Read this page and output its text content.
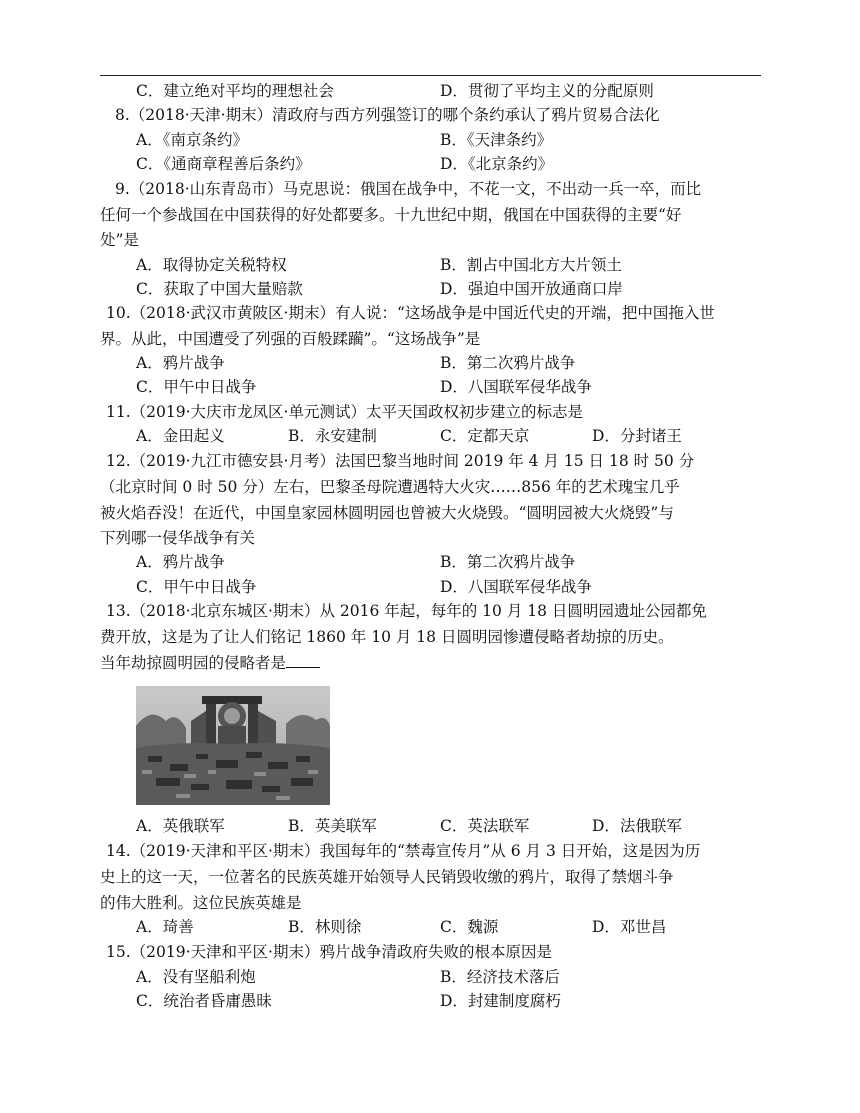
C．建立绝对平均的理想社会	D．贯彻了平均主义的分配原则
8.（2018·天津·期末）清政府与西方列强签订的哪个条约承认了鸦片贸易合法化
A．《南京条约》	B．《天津条约》
C．《通商章程善后条约》	D．《北京条约》
9.（2018·山东青岛市）马克思说：俄国在战争中，不花一文，不出动一兵一卒，而比
任何一个参战国在中国获得的好处都要多。十九世纪中期，俄国在中国获得的主要“好
处”是
A．取得协定关税特权	B．割占中国北方大片领土
C．获取了中国大量赔款	D．强迫中国开放通商口岸
10.（2018·武汉市黄陂区·期末）有人说：“这场战争是中国近代史的开端，把中国拖入世
界。从此，中国遭受了列强的百般蹂躏”。“这场战争”是
A．鸦片战争	B．第二次鸦片战争
C．甲午中日战争	D．八国联军侵华战争
11.（2019·大庆市龙凤区·单元测试）太平天国政权初步建立的标志是
A．金田起义	B．永安建制	C．定都天京	D．分封诸王
12.（2019·九江市德安县·月考）法国巴黎当地时间 2019 年 4 月 15 日 18 时 50 分
（北京时间 0 时 50 分）左右，巴黎圣母院遭遇特大火灾……856 年的艺术瑰宝几乎
被火焰吞没！在近代，中国皇家园林圆明园也曾被大火烧毁。“圆明园被大火烧毁”与
下列哪一侵华战争有关
A．鸦片战争	B．第二次鸦片战争
C．甲午中日战争	D．八国联军侵华战争
13.（2018·北京东城区·期末）从 2016 年起，每年的 10 月 18 日圆明园遗址公园都免
费开放，这是为了让人们铭记 1860 年 10 月 18 日圆明园惨遭侵略者劫掠的历史。
当年劫掠圆明园的侵略者是
A．英俄联军	B．英美联军	C．英法联军	D．法俄联军
14.（2019·天津和平区·期末）我国每年的“禁毒宣传月”从 6 月 3 日开始，这是因为历
史上的这一天，一位著名的民族英雄开始领导人民销毁收缴的鸦片，取得了禁烟斗争
的伟大胜利。这位民族英雄是
A．琦善	B．林则徐	C．魏源	D．邓世昌
15.（2019·天津和平区·期末）鸦片战争清政府失败的根本原因是
A．没有坚船利炮	B．经济技术落后
C．统治者昏庸愚昧	D．封建制度腐朽
